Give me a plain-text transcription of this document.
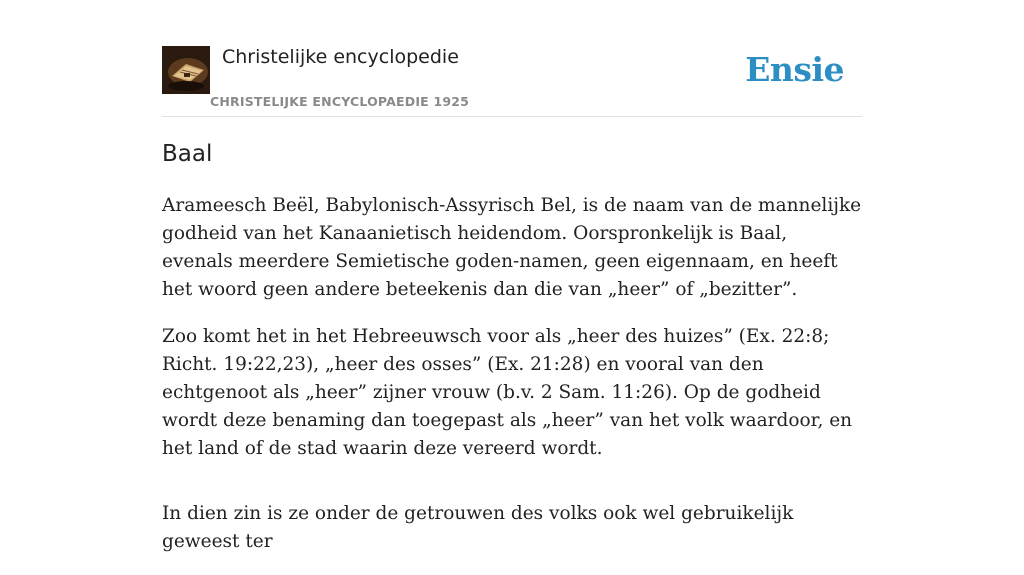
Christelijke encyclopedie
CHRISTELIJKE ENCYCLOPAEDIE 1925
Ensie
Baal

Arameesch Beël, Babylonisch-Assyrisch Bel, is de naam van de mannelijke godheid van het Kanaanietisch heidendom. Oorspronkelijk is Baal, evenals meerdere Semietische goden-namen, geen eigennaam, en heeft het woord geen andere beteekenis dan die van „heer” of „bezitter”.

Zoo komt het in het Hebreeuwsch voor als „heer des huizes” (Ex. 22:8; Richt. 19:22,23), „heer des osses” (Ex. 21:28) en vooral van den echtgenoot als „heer” zijner vrouw (b.v. 2 Sam. 11:26). Op de godheid wordt deze benaming dan toegepast als „heer” van het volk waardoor, en het land of de stad waarin deze vereerd wordt.

In dien zin is ze onder de getrouwen des volks ook wel gebruikelijk geweest ter
